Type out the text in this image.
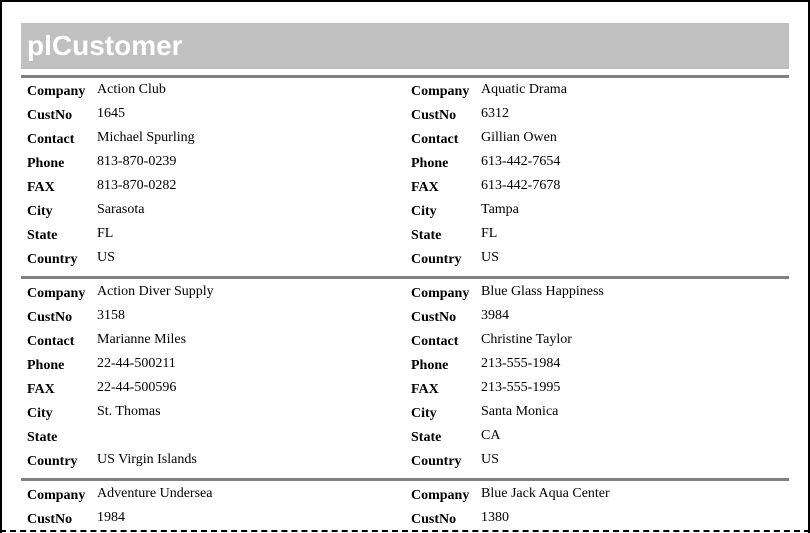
plCustomer
Company Action Club
CustNo 1645
Contact Michael Spurling
Phone 813-870-0239
FAX	813-870-0282
City	Sarasota
State	FL
Country US
Company Aquatic Drama
CustNo 6312
Contact Gillian Owen
Phone 613-442-7654
FAX	613-442-7678
City	Tampa
State	FL
Country US
Company Action Diver Supply
CustNo 3158
Contact Marianne Miles
Phone 22-44-500211
FAX	22-44-500596
City	St. Thomas
State
Country US Virgin Islands
Company Blue Glass Happiness
CustNo 3984
Contact Christine Taylor
Phone 213-555-1984
FAX	213-555-1995
City	Santa Monica
State	CA
Country US
Company Adventure Undersea
CustNo 1984
Company Blue Jack Aqua Center
CustNo 1380
